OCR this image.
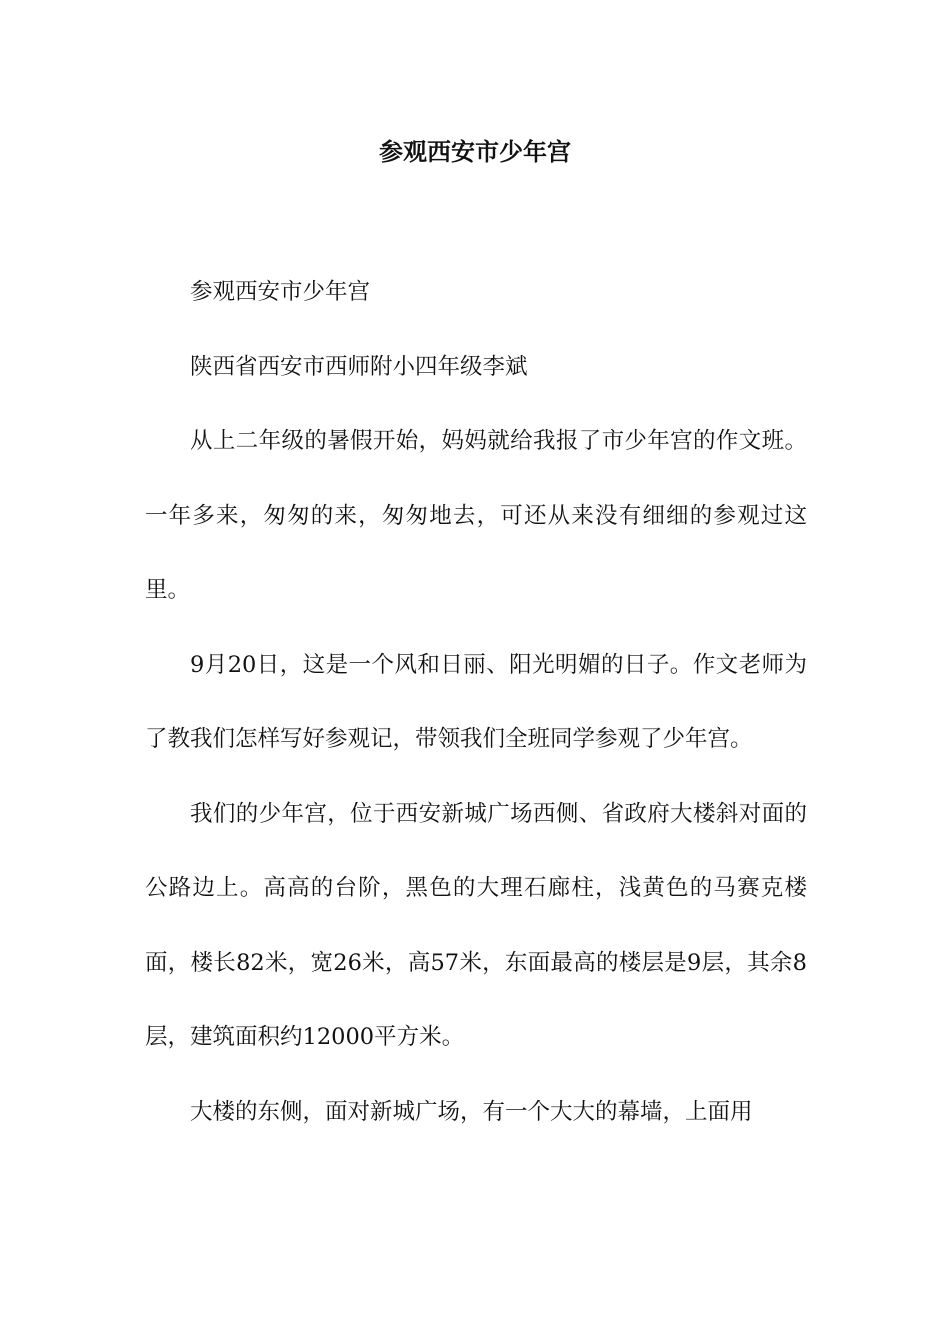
参观西安市少年宫

参观西安市少年宫

陕西省西安市西师附小四年级李斌

从上二年级的暑假开始，妈妈就给我报了市少年宫的作文班。一年多来，匆匆的来，匆匆地去，可还从来没有细细的参观过这里。

9月20日，这是一个风和日丽、阳光明媚的日子。作文老师为了教我们怎样写好参观记，带领我们全班同学参观了少年宫。

我们的少年宫，位于西安新城广场西侧、省政府大楼斜对面的公路边上。高高的台阶，黑色的大理石廊柱，浅黄色的马赛克楼面，楼长82米，宽26米，高57米，东面最高的楼层是9层，其余8层，建筑面积约12000平方米。

大楼的东侧，面对新城广场，有一个大大的幕墙，上面用
